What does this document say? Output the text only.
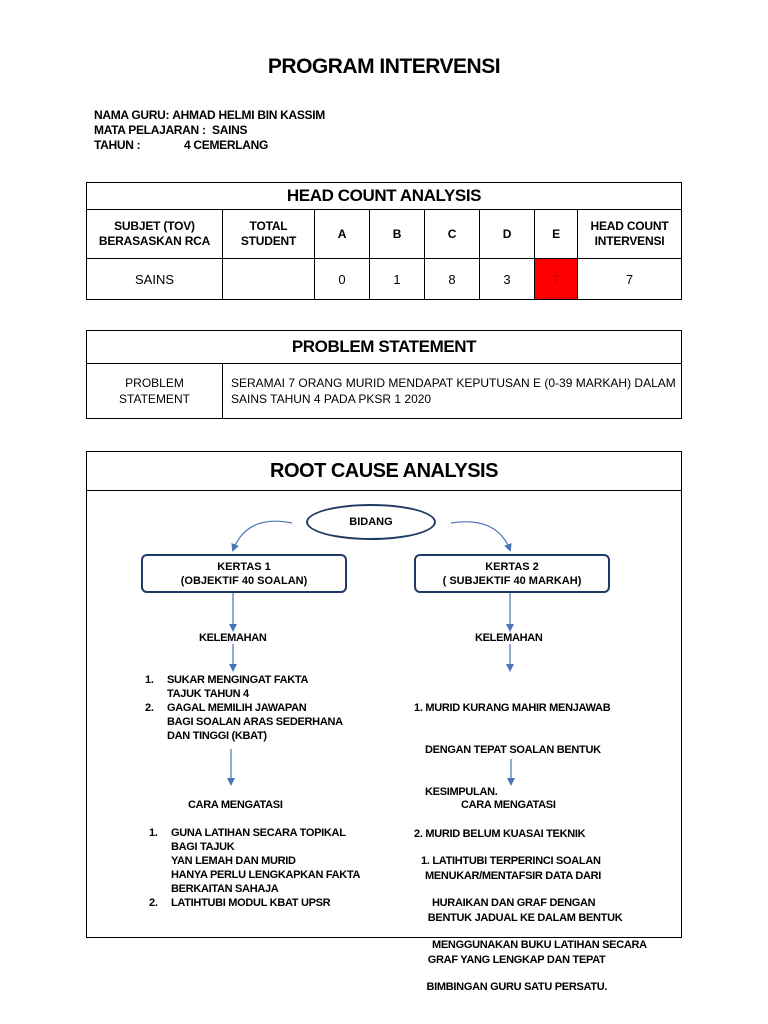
PROGRAM INTERVENSI
NAMA GURU:
AHMAD HELMI BIN KASSIM
MATA PELAJARAN : SAINS
TAHUN :	4 CEMERLANG
HEAD COUNT ANALYSIS							
SUBJET (TOV) BERASASKAN RCA	TOTAL STUDENT	A	B	C	D	E	HEAD COUNT INTERVENSI
SAINS		0	1	8	3	7	7
PROBLEM STATEMENT
PROBLEM STATEMENT	SERAMAI 7 ORANG MURID MENDAPAT KEPUTUSAN E (0-39 MARKAH) DALAM SAINS TAHUN 4 PADA PKSR 1 2020
ROOT CAUSE ANALYSIS
BIDANG
KERTAS 1
(OBJEKTIF 40 SOALAN)
KERTAS 2
( SUBJEKTIF 40 MARKAH)
KELEMAHAN	KELEMAHAN
1.	SUKAR MENGINGAT FAKTA
TAJUK TAHUN 4
2.	GAGAL MEMILIH JAWAPAN
BAGI SOALAN ARAS SEDERHANA
DAN TINGGI (KBAT)

1. MURID KURANG MAHIR MENJAWAB

DENGAN TEPAT SOALAN BENTUK

KESIMPULAN.

2. MURID BELUM KUASAI TEKNIK

MENUKAR/MENTAFSIR DATA DARI

BENTUK JADUAL KE DALAM BENTUK

GRAF YANG LENGKAP DAN TEPAT

CARA MENGATASI	CARA MENGATASI
1.	GUNA LATIHAN SECARA TOPIKAL
BAGI TAJUK
YAN LEMAH DAN MURID
HANYA PERLU LENGKAPKAN FAKTA
BERKAITAN SAHAJA
2.	LATIHTUBI MODUL KBAT UPSR

1. LATIHTUBI TERPERINCI SOALAN

HURAIKAN DAN GRAF DENGAN

MENGGUNAKAN BUKU LATIHAN SECARA

BIMBINGAN GURU SATU PERSATU.
